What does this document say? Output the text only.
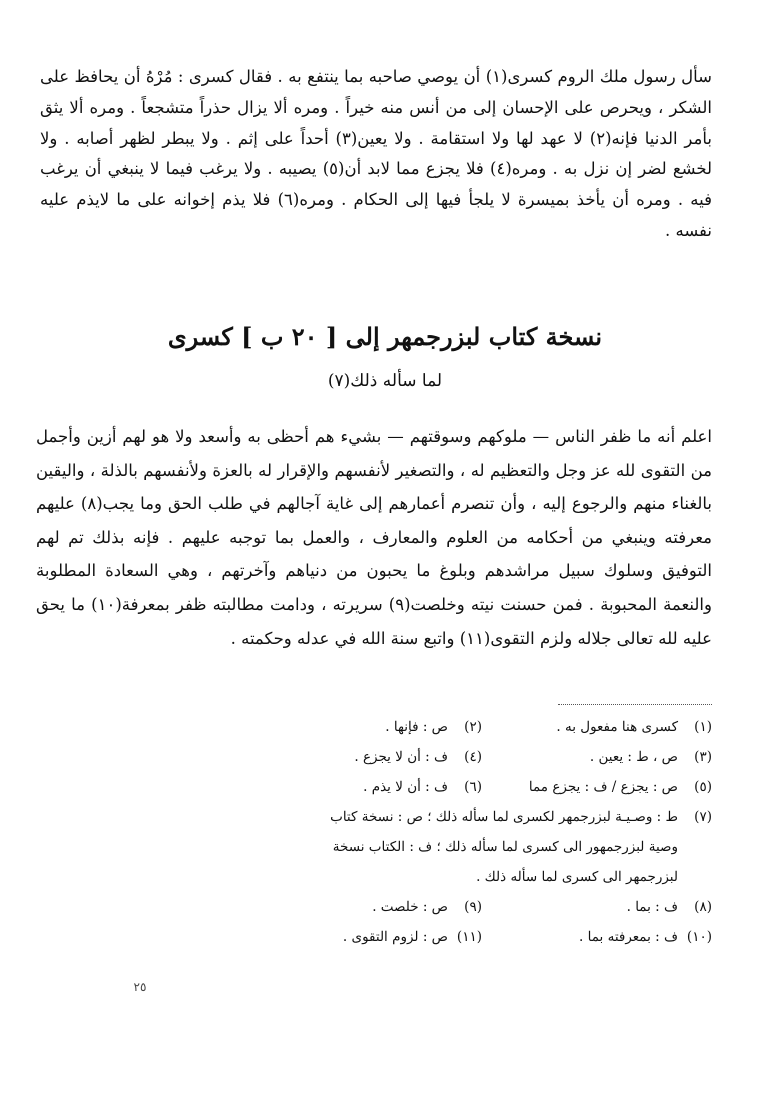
سأل رسول ملك الروم كسرى(١) أن يوصي صاحبه بما ينتفع به . فقال كسرى : مُرْهُ أن يحافظ على الشكر ، ويحرص على الإحسان إلى من أنس منه خيراً . ومره ألا يزال حذراً متشجعاً . ومره ألا يثق بأمر الدنيا فإنه(٢) لا عهد لها ولا استقامة . ولا يعين(٣) أحداً على إثم . ولا يبطر لظهر أصابه . ولا لخشع لضر إن نزل به . ومره(٤) فلا يجزع مما لابد أن(٥) يصيبه . ولا يرغب فيما لا ينبغي أن يرغب فيه . ومره أن يأخذ بميسرة لا يلجأ فيها إلى الحكام . ومره(٦) فلا يذم إخوانه على ما لايذم عليه نفسه .

نسخة كتاب لبزرجمهر إلى [ ٢٠ ب ] كسرى
لما سأله ذلك(٧)

اعلم أنه ما ظفر الناس — ملوكهم وسوقتهم — بشيء هم أحظى به وأسعد ولا هو لهم أزين وأجمل من التقوى لله عز وجل والتعظيم له ، والتصغير لأنفسهم والإقرار له بالعزة ولأنفسهم بالذلة ، واليقين بالغناء منهم والرجوع إليه ، وأن تنصرم أعمارهم إلى غاية آجالهم في طلب الحق وما يجب(٨) عليهم معرفته وينبغي من أحكامه من العلوم والمعارف ، والعمل بما توجبه عليهم . فإنه بذلك تم لهم التوفيق وسلوك سبيل مراشدهم وبلوغ ما يحبون من دنياهم وآخرتهم ، وهي السعادة المطلوبة والنعمة المحبوبة . فمن حسنت نيته وخلصت(٩) سريرته ، ودامت مطالبته ظفر بمعرفة(١٠) ما يحق عليه لله تعالى جلاله ولزم التقوى(١١) واتبع سنة الله في عدله وحكمته .

(١)كسرى هنا مفعول به .
(٢)ص : فإنها .
(٣)ص ، ط : يعين .
(٤)ف : أن لا يجزع .
(٥)ص : يجزع / ف : يجزع مما
(٦)ف : أن لا يذم .
(٧)ط : وصـيـة لبزرجمهر لكسرى لما سأله ذلك ؛ ص : نسخة كتاب
وصية لبزرجمهور الى كسرى لما سأله ذلك ؛ ف : الكتاب نسخة
لبزرجمهر الى كسرى لما سأله ذلك .
(٨)ف : بما .
(٩)ص : خلصت .
(١٠)ف : بمعرفته بما .
(١١)ص : لزوم التقوى .
٢٥
